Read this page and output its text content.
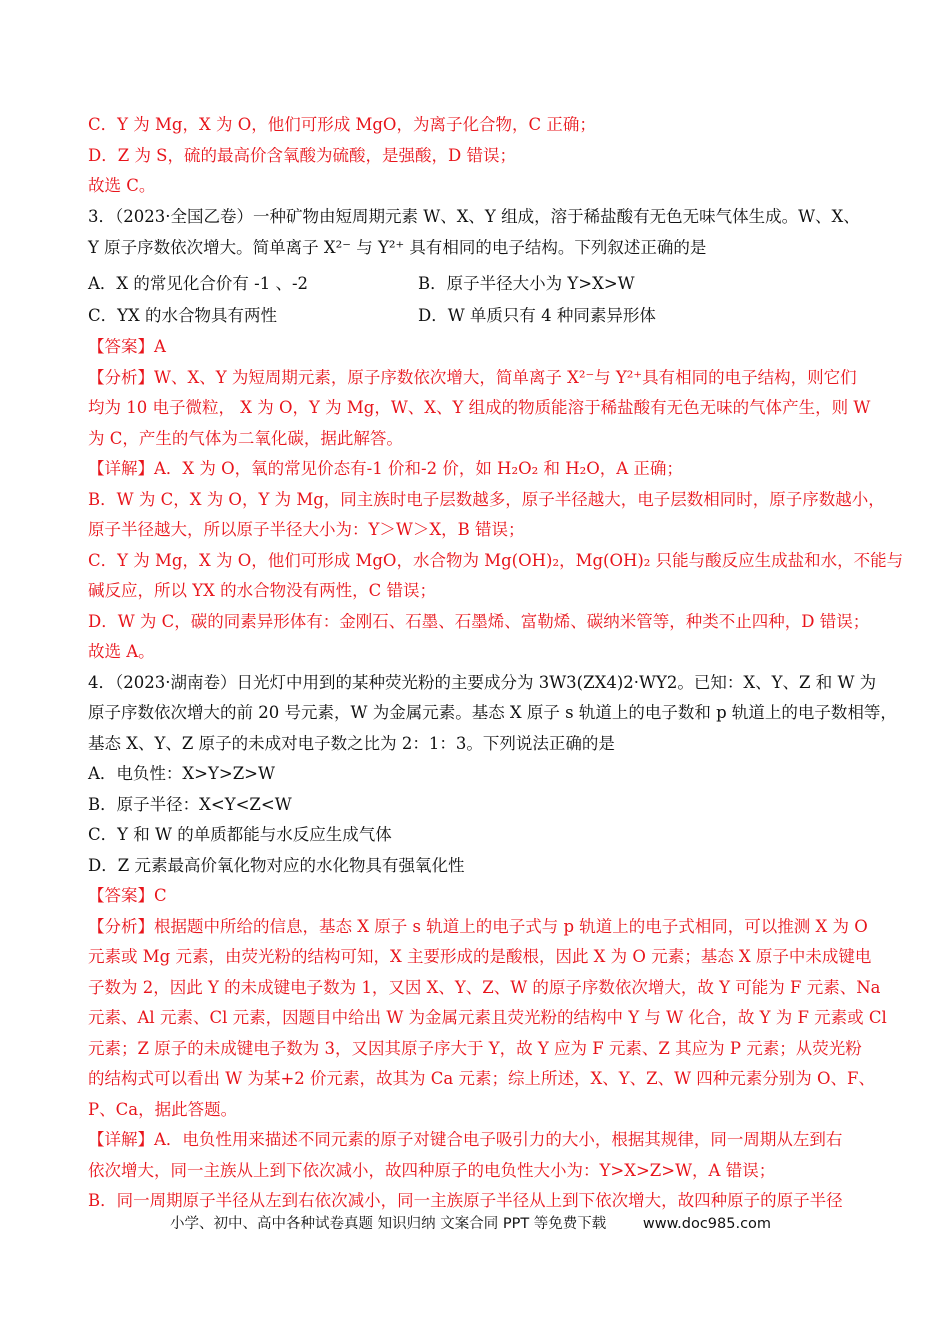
C．Y 为 Mg，X 为 O，他们可形成 MgO，为离子化合物，C 正确；
D．Z 为 S，硫的最高价含氧酸为硫酸，是强酸，D 错误；
故选 C。
3．（2023·全国乙卷）一种矿物由短周期元素 W、X、Y 组成，溶于稀盐酸有无色无味气体生成。W、X、
Y 原子序数依次增大。简单离子 X²⁻ 与 Y²⁺ 具有相同的电子结构。下列叙述正确的是
A．X 的常见化合价有 -1 、-2	B．原子半径大小为 Y>X>W
C．YX 的水合物具有两性	D．W 单质只有 4 种同素异形体
【答案】A
【分析】W、X、Y 为短周期元素，原子序数依次增大，简单离子 X²⁻与 Y²⁺具有相同的电子结构，则它们
均为 10 电子微粒， X 为 O，Y 为 Mg，W、X、Y 组成的物质能溶于稀盐酸有无色无味的气体产生，则 W
为 C，产生的气体为二氧化碳，据此解答。
【详解】A．X 为 O，氧的常见价态有-1 价和-2 价，如 H₂O₂ 和 H₂O，A 正确；
B．W 为 C，X 为 O，Y 为 Mg，同主族时电子层数越多，原子半径越大，电子层数相同时，原子序数越小，
原子半径越大，所以原子半径大小为：Y＞W＞X，B 错误；
C．Y 为 Mg，X 为 O，他们可形成 MgO，水合物为 Mg(OH)₂，Mg(OH)₂ 只能与酸反应生成盐和水，不能与
碱反应，所以 YX 的水合物没有两性，C 错误；
D．W 为 C，碳的同素异形体有：金刚石、石墨、石墨烯、富勒烯、碳纳米管等，种类不止四种，D 错误；
故选 A。
4．（2023·湖南卷）日光灯中用到的某种荧光粉的主要成分为 3W3(ZX4)2·WY2。已知：X、Y、Z 和 W 为
原子序数依次增大的前 20 号元素，W 为金属元素。基态 X 原子 s 轨道上的电子数和 p 轨道上的电子数相等，
基态 X、Y、Z 原子的未成对电子数之比为 2：1：3。下列说法正确的是
A．电负性：X>Y>Z>W
B．原子半径：X<Y<Z<W
C．Y 和 W 的单质都能与水反应生成气体
D．Z 元素最高价氧化物对应的水化物具有强氧化性
【答案】C
【分析】根据题中所给的信息，基态 X 原子 s 轨道上的电子式与 p 轨道上的电子式相同，可以推测 X 为 O
元素或 Mg 元素，由荧光粉的结构可知，X 主要形成的是酸根，因此 X 为 O 元素；基态 X 原子中未成键电
子数为 2，因此 Y 的未成键电子数为 1，又因 X、Y、Z、W 的原子序数依次增大，故 Y 可能为 F 元素、Na
元素、Al 元素、Cl 元素，因题目中给出 W 为金属元素且荧光粉的结构中 Y 与 W 化合，故 Y 为 F 元素或 Cl
元素；Z 原子的未成键电子数为 3，又因其原子序大于 Y，故 Y 应为 F 元素、Z 其应为 P 元素；从荧光粉
的结构式可以看出 W 为某+2 价元素，故其为 Ca 元素；综上所述，X、Y、Z、W 四种元素分别为 O、F、
P、Ca，据此答题。
【详解】A．电负性用来描述不同元素的原子对键合电子吸引力的大小，根据其规律，同一周期从左到右
依次增大，同一主族从上到下依次减小，故四种原子的电负性大小为：Y>X>Z>W，A 错误；
B．同一周期原子半径从左到右依次减小，同一主族原子半径从上到下依次增大，故四种原子的原子半径
小学、初中、高中各种试卷真题 知识归纳 文案合同 PPT 等免费下载	www.doc985.com
